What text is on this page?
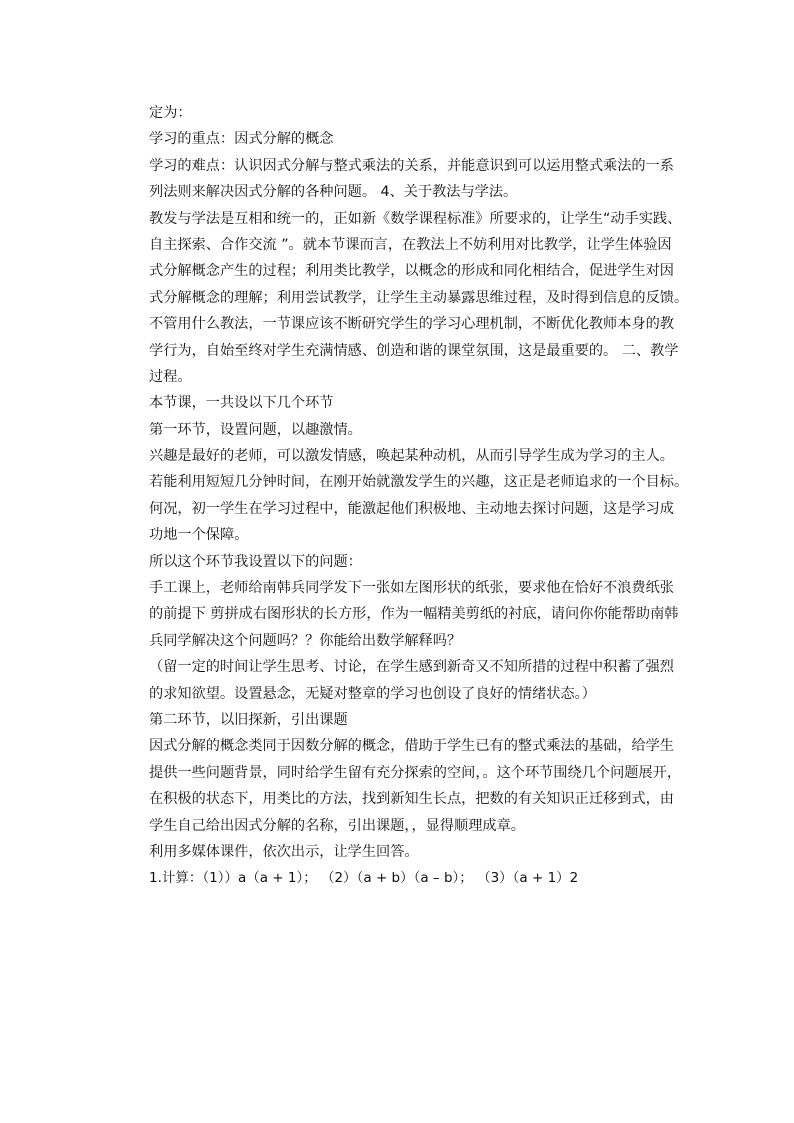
定为：
学习的重点：因式分解的概念
学习的难点：认识因式分解与整式乘法的关系，并能意识到可以运用整式乘法的一系
列法则来解决因式分解的各种问题。 4、关于教法与学法。
教发与学法是互相和统一的，正如新《数学课程标准》所要求的，让学生“动手实践、
自主探索、合作交流 ”。就本节课而言，在教法上不妨利用对比教学，让学生体验因
式分解概念产生的过程；利用类比教学，以概念的形成和同化相结合，促进学生对因
式分解概念的理解；利用尝试教学，让学生主动暴露思维过程，及时得到信息的反馈。
不管用什么教法，一节课应该不断研究学生的学习心理机制，不断优化教师本身的教
学行为，自始至终对学生充满情感、创造和谐的课堂氛围，这是最重要的。 二、教学
过程。
本节课，一共设以下几个环节
第一环节，设置问题，以趣激情。
兴趣是最好的老师，可以激发情感，唤起某种动机，从而引导学生成为学习的主人。
若能利用短短几分钟时间，在刚开始就激发学生的兴趣，这正是老师追求的一个目标。
何况，初一学生在学习过程中，能激起他们积极地、主动地去探讨问题，这是学习成
功地一个保障。
所以这个环节我设置以下的问题：
手工课上，老师给南韩兵同学发下一张如左图形状的纸张，要求他在恰好不浪费纸张
的前提下 剪拼成右图形状的长方形，作为一幅精美剪纸的衬底，请问你你能帮助南韩
兵同学解决这个问题吗？？你能给出数学解释吗？
（留一定的时间让学生思考、讨论，在学生感到新奇又不知所措的过程中积蓄了强烈
的求知欲望。设置悬念，无疑对整章的学习也创设了良好的情绪状态。）
第二环节，以旧探新，引出课题
因式分解的概念类同于因数分解的概念，借助于学生已有的整式乘法的基础，给学生
提供一些问题背景，同时给学生留有充分探索的空间，。这个环节围绕几个问题展开，
在积极的状态下，用类比的方法，找到新知生长点，把数的有关知识正迁移到式，由
学生自己给出因式分解的名称，引出课题，，显得顺理成章。
利用多媒体课件，依次出示，让学生回答。
1.计算：（1））a（a + 1）； （2）（a + b）（a – b）； （3）（a + 1）2
